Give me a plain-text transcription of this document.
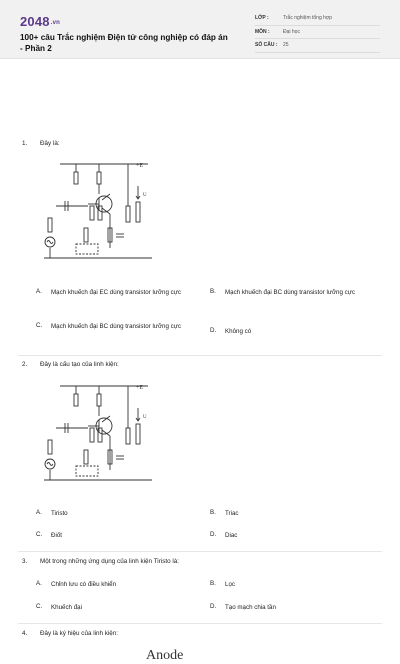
2048.vn
100+ câu Trắc nghiệm Điện tử công nghiệp có đáp án - Phần 2
LỚP :	Trắc nghiệm tổng hợp
MÔN :	Đại học
SỐ CÂU :	25
1. Đây là:
+E
U
A.	Mạch khuếch đại EC dùng transistor lưỡng cực	B.	Mạch khuếch đại BC dùng transistor lưỡng cực
C.	Mạch khuếch đại BC dùng transistor lưỡng cực
D.	Không có
2. Đây là cấu tạo của linh kiện:
+E
U
A.	Tiristo	B.	Triac
C.	Điốt	D.	Diac
3. Một trong những ứng dụng của linh kiện Tiristo là:
A.	Chỉnh lưu có điều khiển	B.	Lọc
C.	Khuếch đại	D.	Tạo mạch chia tần
4. Đây là ký hiệu của linh kiện:
Anode
